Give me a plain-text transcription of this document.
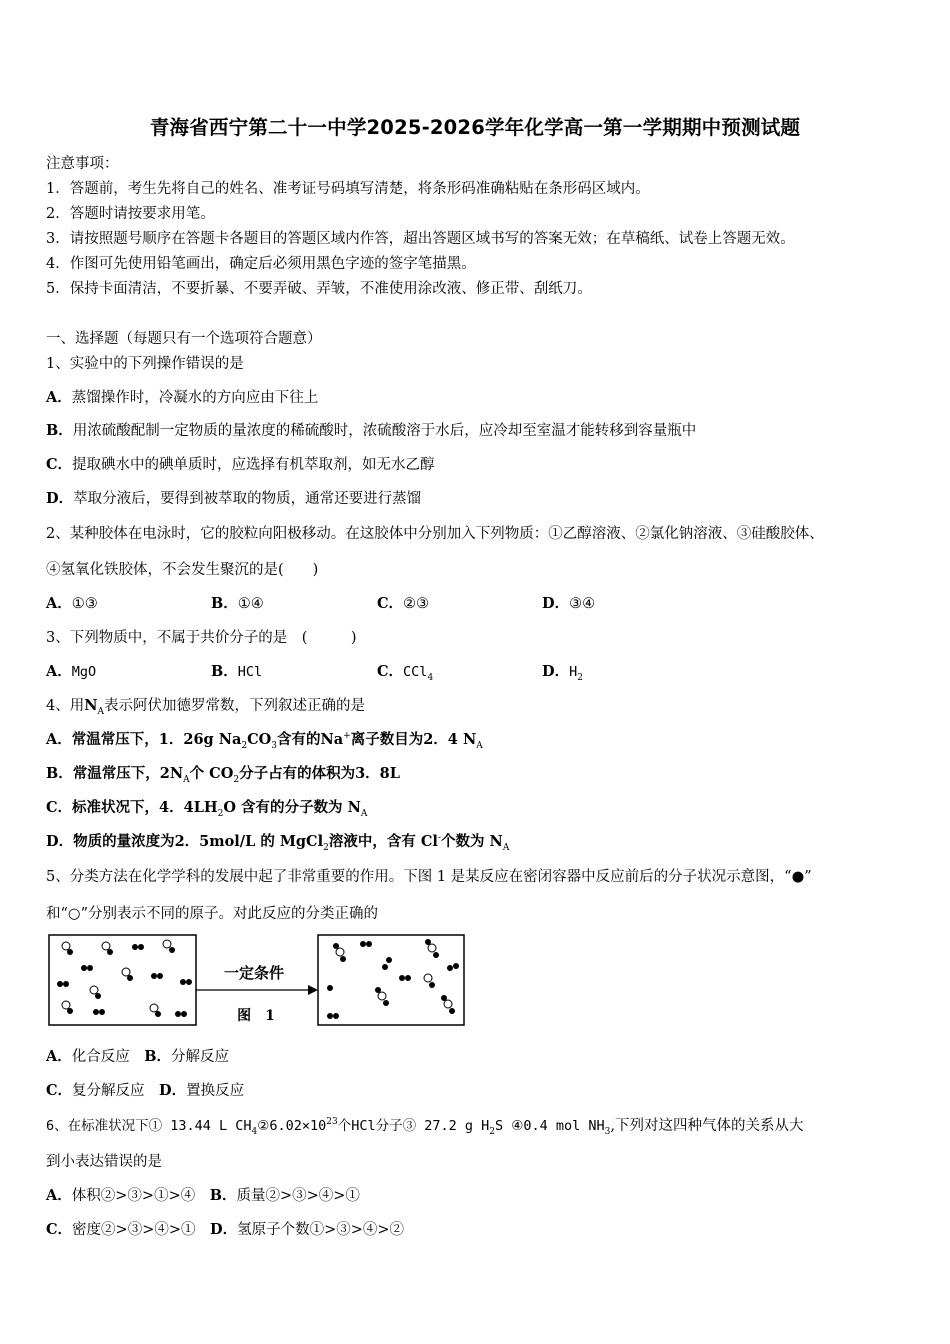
青海省西宁第二十一中学2025-2026学年化学高一第一学期期中预测试题
注意事项：
1．答题前，考生先将自己的姓名、准考证号码填写清楚，将条形码准确粘贴在条形码区域内。
2．答题时请按要求用笔。
3．请按照题号顺序在答题卡各题目的答题区域内作答，超出答题区域书写的答案无效；在草稿纸、试卷上答题无效。
4．作图可先使用铅笔画出，确定后必须用黑色字迹的签字笔描黑。
5．保持卡面清洁，不要折暴、不要弄破、弄皱，不准使用涂改液、修正带、刮纸刀。
一、选择题（每题只有一个选项符合题意）
1、实验中的下列操作错误的是
A．蒸馏操作时，冷凝水的方向应由下往上
B．用浓硫酸配制一定物质的量浓度的稀硫酸时，浓硫酸溶于水后，应冷却至室温才能转移到容量瓶中
C．提取碘水中的碘单质时，应选择有机萃取剂，如无水乙醇
D．萃取分液后，要得到被萃取的物质，通常还要进行蒸馏
2、某种胶体在电泳时，它的胶粒向阳极移动。在这胶体中分别加入下列物质：①乙醇溶液、②氯化钠溶液、③硅酸胶体、
④氢氧化铁胶体，不会发生聚沉的是(　　)
A．①③	B．①④	C．②③	D．③④
3、下列物质中，不属于共价分子的是　(　　　)
A．MgO	B．HCl	C．CCl$_4$	D．$H_2$
4、用$N_A$表示阿伏加德罗常数，下列叙述正确的是
A．常温常压下，1．26g $Na_2CO_3$含有的Na+离子数目为2．4 $N_A$
B．常温常压下，$2N_A$个 $CO_2$分子占有的体积为3．8L
C．标准状况下，4．$4LH_2O$ 含有的分子数为 $N_A$
D．物质的量浓度为2．5mol/L 的 MgCl$_2$溶液中，含有 Cl-个数为 $N_A$
5、分类方法在化学学科的发展中起了非常重要的作用。下图 1 是某反应在密闭容器中反应前后的分子状况示意图，“●”
和“○”分别表示不同的原子。对此反应的分类正确的
一定条件
图　1
A．化合反应　 B．分解反应
C．复分解反应　 D．置换反应
6、在标准状况下① 13.44 L $CH_4②6.02\times 10^{23}$个HCl分子③ 27.2 g $H_2S$ ④0.4 mol $NH_3$,下列对这四种气体的关系从大
到小表达错误的是
A．体积②>③>①>④　 B．质量②>③>④>①
C．密度②>③>④>①　 D．氢原子个数①>③>④>②
